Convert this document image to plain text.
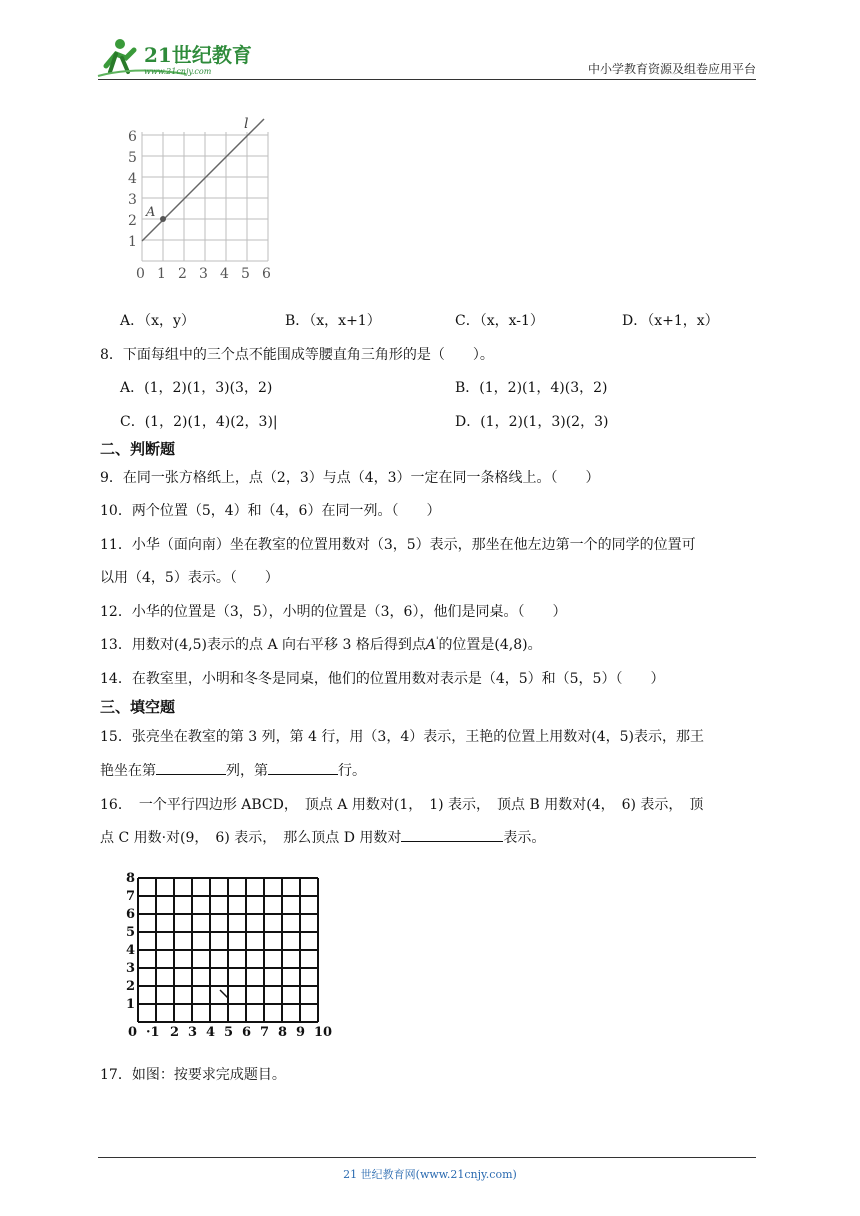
21世纪教育
www.21cnjy.com	中小学教育资源及组卷应用平台
l
A
1
2
3
4
5
6
0 1 2 3 4 5 6
A．（x，y）	B．（x，x+1）	C．（x，x-1）	D．（x+1，x）
8．下面每组中的三个点不能围成等腰直角三角形的是（　　）。
A．(1，2)(1，3)(3，2)	B．(1，2)(1，4)(3，2)
C．(1，2)(1，4)(2，3)|	D．(1，2)(1，3)(2，3)
二、判断题
9．在同一张方格纸上，点（2，3）与点（4，3）一定在同一条格线上。（　　）
10．两个位置（5，4）和（4，6）在同一列。（　　）
11．小华（面向南）坐在教室的位置用数对（3，5）表示，那坐在他左边第一个的同学的位置可
以用（4，5）表示。（　　）
12．小华的位置是（3，5），小明的位置是（3，6），他们是同桌。（　　）
13．用数对(4,5)表示的点 A 向右平移 3 格后得到点A'的位置是(4,8)。
14．在教室里，小明和冬冬是同桌，他们的位置用数对表示是（4，5）和（5，5）（　　）
三、填空题
15．张亮坐在教室的第 3 列，第 4 行，用（3，4）表示，王艳的位置上用数对(4，5)表示，那王
艳坐在第	列，第	行。
16．　一个平行四边形 ABCD，　顶点 A 用数对(1，　1) 表示，　顶点 B 用数对(4，　6) 表示，　顶
点 C 用数·对(9，　6) 表示，　那么顶点 D 用数对	表示。
8
7
6
5
4
3
2
1
0 ·1 2 3 4 5 6 7 8 9 10
17．如图：按要求完成题目。
21 世纪教育网(www.21cnjy.com)
